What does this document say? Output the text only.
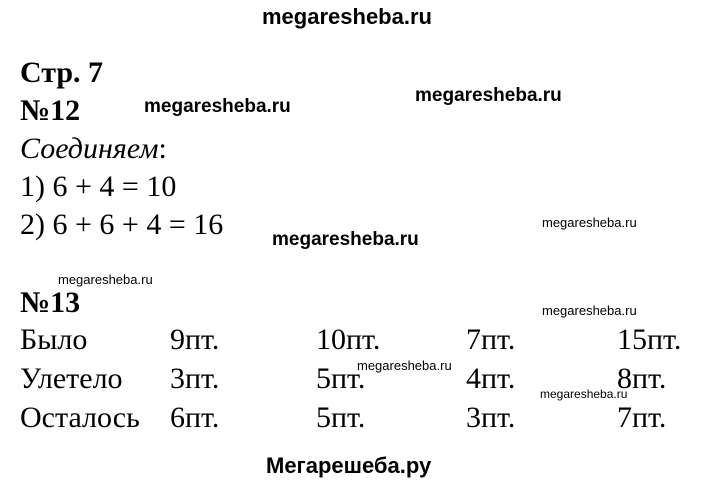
megaresheba.ru
Стр. 7
№12
Соединяем:
1) 6 + 4 = 10
2) 6 + 6 + 4 = 16
№13
Было	9пт.	10пт.	7пт.	15пт.
Улетело 3пт.	5пт.	4пт.	8пт.
Осталось 6пт.	5пт.	3пт.	7пт.
megaresheba.ru
megaresheba.ru
megaresheba.ru
megaresheba.ru
megaresheba.ru
megaresheba.ru
megaresheba.ru
megaresheba.ru
Мегарешеба.ру
